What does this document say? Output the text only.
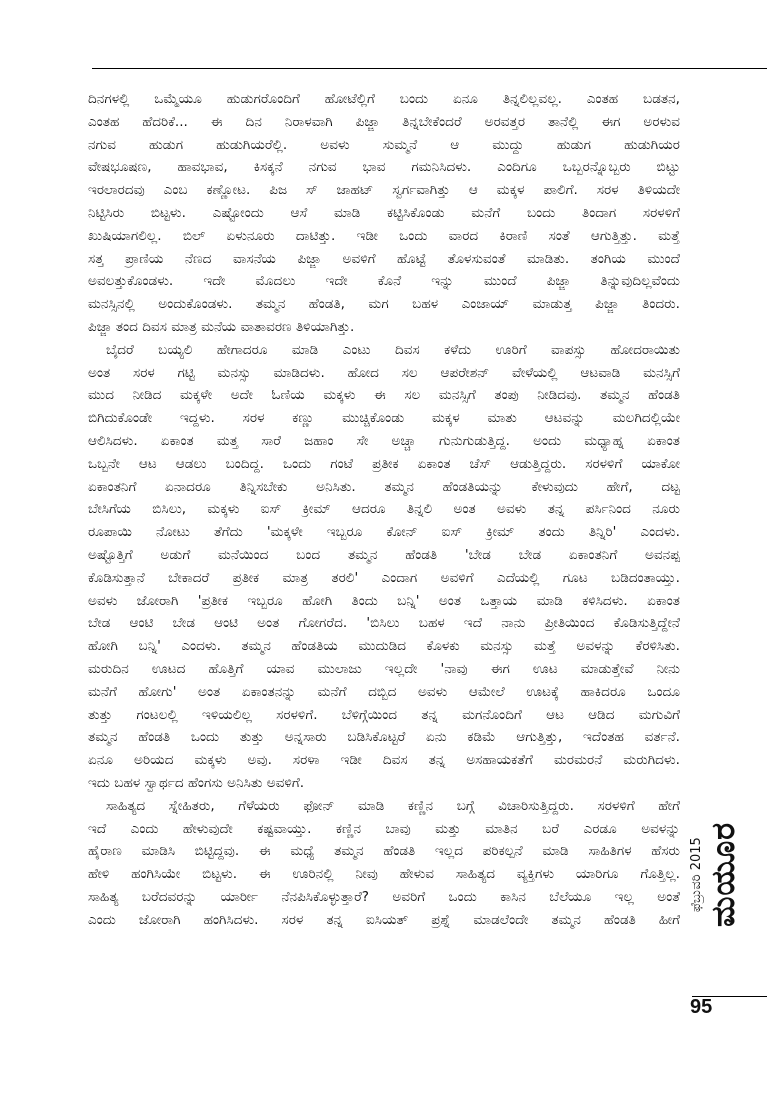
ದಿನಗಳಲ್ಲಿ ಒಮ್ಮೆಯೂ ಹುಡುಗರೊಂದಿಗೆ ಹೋಟೆಲ್ಲಿಗೆ ಬಂದು ಏನೂ ತಿನ್ನಲಿಲ್ಲವಲ್ಲ. ಎಂತಹ ಬಡತನ,
ಎಂತಹ ಹೆದರಿಕೆ... ಈ ದಿನ ನಿರಾಳವಾಗಿ ಪಿಜ್ಜಾ ತಿನ್ನಬೇಕೆಂದರೆ ಅರವತ್ತರ ತಾನೆಲ್ಲಿ ಈಗ ಅರಳುವ
ನಗುವ ಹುಡುಗ ಹುಡುಗಿಯರೆಲ್ಲಿ. ಅವಳು ಸುಮ್ಮನೆ ಆ ಮುದ್ದು ಹುಡುಗ ಹುಡುಗಿಯರ
ವೇಷಭೂಷಣ, ಹಾವಭಾವ, ಕಿಸಕ್ಕನೆ ನಗುವ ಭಾವ ಗಮನಿಸಿದಳು. ಎಂದಿಗೂ ಒಬ್ಬರನ್ನೊಬ್ಬರು ಬಿಟ್ಟು
ಇರಲಾರದವು ಎಂಬ ಕಣ್ಣೋಟ. ಪಿಜ ಸ್ ಜಾಹಟ್ ಸ್ವರ್ಗವಾಗಿತ್ತು ಆ ಮಕ್ಕಳ ಪಾಲಿಗೆ. ಸರಳ ತಿಳಿಯದೇ
ನಿಟ್ಟಿಸಿರು ಬಿಟ್ಟಳು. ಎಷ್ಟೋಂದು ಆಸೆ ಮಾಡಿ ಕಟ್ಟಿಸಿಕೊಂಡು ಮನೆಗೆ ಬಂದು ತಿಂದಾಗ ಸರಳಳಿಗೆ
ಖುಷಿಯಾಗಲಿಲ್ಲ. ಬಿಲ್ ಏಳುನೂರು ದಾಟಿತ್ತು. ಇಡೀ ಒಂದು ವಾರದ ಕಿರಾಣಿ ಸಂತೆ ಆಗುತ್ತಿತ್ತು. ಮತ್ತೆ
ಸತ್ತ ಪ್ರಾಣಿಯ ನೆಣದ ವಾಸನೆಯ ಪಿಜ್ಜಾ ಅವಳಿಗೆ ಹೊಟ್ಟೆ ತೊಳಸುವಂತೆ ಮಾಡಿತು. ತಂಗಿಯ ಮುಂದೆ
ಅವಲತ್ತುಕೊಂಡಳು. ಇದೇ ಮೊದಲು ಇದೇ ಕೊನೆ ಇನ್ನು ಮುಂದೆ ಪಿಜ್ಜಾ ತಿನ್ನುವುದಿಲ್ಲವೆಂದು
ಮನಸ್ಸಿನಲ್ಲಿ ಅಂದುಕೊಂಡಳು. ತಮ್ಮನ ಹೆಂಡತಿ, ಮಗ ಬಹಳ ಎಂಜಾಯ್ ಮಾಡುತ್ತ ಪಿಜ್ಜಾ ತಿಂದರು.
ಪಿಜ್ಜಾ ತಂದ ದಿವಸ ಮಾತ್ರ ಮನೆಯ ವಾತಾವರಣ ತಿಳಿಯಾಗಿತ್ತು.

ಬೈದರೆ ಬಯ್ಯಲಿ ಹೇಗಾದರೂ ಮಾಡಿ ಎಂಟು ದಿವಸ ಕಳೆದು ಊರಿಗೆ ವಾಪಸ್ಸು ಹೋದರಾಯಿತು
ಅಂತ ಸರಳ ಗಟ್ಟಿ ಮನಸ್ಸು ಮಾಡಿದಳು. ಹೋದ ಸಲ ಆಪರೇಶನ್ ವೇಳೆಯಲ್ಲಿ ಆಟವಾಡಿ ಮನಸ್ಸಿಗೆ
ಮುದ ನೀಡಿದ ಮಕ್ಕಳೇ ಅದೇ ಓಣಿಯ ಮಕ್ಕಳು ಈ ಸಲ ಮನಸ್ಸಿಗೆ ತಂಪು ನೀಡಿದವು. ತಮ್ಮನ ಹೆಂಡತಿ
ಬಿಗಿದುಕೊಂಡೇ ಇದ್ದಳು. ಸರಳ ಕಣ್ಣು ಮುಚ್ಚಿಕೊಂಡು ಮಕ್ಕಳ ಮಾತು ಆಟವನ್ನು ಮಲಗಿದಲ್ಲಿಯೇ
ಆಲಿಸಿದಳು. ಏಕಾಂತ ಮತ್ತ ಸಾರೆ ಜಹಾಂ ಸೇ ಅಚ್ಚಾ ಗುನುಗುಡುತ್ತಿದ್ದ. ಅಂದು ಮಧ್ಯಾಹ್ನ ಏಕಾಂತ
ಒಬ್ಬನೇ ಆಟ ಆಡಲು ಬಂದಿದ್ದ. ಒಂದು ಗಂಟೆ ಪ್ರತೀಕ ಏಕಾಂತ ಚೆಸ್ ಆಡುತ್ತಿದ್ದರು. ಸರಳಳಿಗೆ ಯಾಕೋ
ಏಕಾಂತನಿಗೆ ಏನಾದರೂ ತಿನ್ನಿಸಬೇಕು ಅನಿಸಿತು. ತಮ್ಮನ ಹೆಂಡತಿಯನ್ನು ಕೇಳುವುದು ಹೇಗೆ, ದಟ್ಟ
ಬೇಸಿಗೆಯ ಬಿಸಿಲು, ಮಕ್ಕಳು ಐಸ್ ಕ್ರೀಮ್ ಆದರೂ ತಿನ್ನಲಿ ಅಂತ ಅವಳು ತನ್ನ ಪರ್ಸಿನಿಂದ ನೂರು
ರೂಪಾಯಿ ನೋಟು ತೆಗೆದು 'ಮಕ್ಕಳೇ ಇಬ್ಬರೂ ಕೋನ್ ಐಸ್ ಕ್ರೀಮ್ ತಂದು ತಿನ್ನಿರಿ' ಎಂದಳು.
ಅಷ್ಟೊತ್ತಿಗೆ ಅಡುಗೆ ಮನೆಯಿಂದ ಬಂದ ತಮ್ಮನ ಹೆಂಡತಿ 'ಬೇಡ ಬೇಡ ಏಕಾಂತನಿಗೆ ಅವನಪ್ಪ
ಕೊಡಿಸುತ್ತಾನೆ ಬೇಕಾದರೆ ಪ್ರತೀಕ ಮಾತ್ರ ತರಲಿ' ಎಂದಾಗ ಅವಳಿಗೆ ಎದೆಯಲ್ಲಿ ಗೂಟ ಬಡಿದಂತಾಯ್ತು.
ಅವಳು ಜೋರಾಗಿ 'ಪ್ರತೀಕ ಇಬ್ಬರೂ ಹೋಗಿ ತಿಂದು ಬನ್ನಿ' ಅಂತ ಒತ್ತಾಯ ಮಾಡಿ ಕಳಿಸಿದಳು. ಏಕಾಂತ
ಬೇಡ ಆಂಟಿ ಬೇಡ ಆಂಟಿ ಅಂತ ಗೋಗರೆದ. 'ಬಿಸಿಲು ಬಹಳ ಇದೆ ನಾನು ಪ್ರೀತಿಯಿಂದ ಕೊಡಿಸುತ್ತಿದ್ದೇನೆ
ಹೋಗಿ ಬನ್ನಿ' ಎಂದಳು. ತಮ್ಮನ ಹೆಂಡತಿಯ ಮುದುಡಿದ ಕೊಳಕು ಮನಸ್ಸು ಮತ್ತೆ ಅವಳನ್ನು ಕೆರಳಿಸಿತು.
ಮರುದಿನ ಊಟದ ಹೊತ್ತಿಗೆ ಯಾವ ಮುಲಾಜು ಇಲ್ಲದೇ 'ನಾವು ಈಗ ಊಟ ಮಾಡುತ್ತೇವೆ ನೀನು
ಮನೆಗೆ ಹೋಗು' ಅಂತ ಏಕಾಂತನನ್ನು ಮನೆಗೆ ದಬ್ಬಿದ ಅವಳು ಆಮೇಲೆ ಊಟಕ್ಕೆ ಹಾಕಿದರೂ ಒಂದೂ
ತುತ್ತು ಗಂಟಲಲ್ಲಿ ಇಳಿಯಲಿಲ್ಲ ಸರಳಳಿಗೆ. ಬೆಳಿಗ್ಗೆಯಿಂದ ತನ್ನ ಮಗನೊಂದಿಗೆ ಆಟ ಆಡಿದ ಮಗುವಿಗೆ
ತಮ್ಮನ ಹೆಂಡತಿ ಒಂದು ತುತ್ತು ಅನ್ನಸಾರು ಬಡಿಸಿಕೊಟ್ಟರೆ ಏನು ಕಡಿಮೆ ಆಗುತ್ತಿತ್ತು, ಇದೆಂತಹ ವರ್ತನೆ.
ಏನೂ ಅರಿಯದ ಮಕ್ಕಳು ಅವು. ಸರಳಾ ಇಡೀ ದಿವಸ ತನ್ನ ಅಸಹಾಯಕತೆಗೆ ಮರಮರನೆ ಮರುಗಿದಳು.
ಇದು ಬಹಳ ಸ್ವಾರ್ಥದ ಹೆಂಗಸು ಅನಿಸಿತು ಅವಳಿಗೆ.

ಸಾಹಿತ್ಯದ ಸ್ನೇಹಿತರು, ಗೆಳೆಯರು ಫೋನ್ ಮಾಡಿ ಕಣ್ಣಿನ ಬಗ್ಗೆ ವಿಚಾರಿಸುತ್ತಿದ್ದರು. ಸರಳಳಿಗೆ ಹೇಗೆ
ಇದೆ ಎಂದು ಹೇಳುವುದೇ ಕಷ್ಟವಾಯ್ತು. ಕಣ್ಣಿನ ಬಾವು ಮತ್ತು ಮಾತಿನ ಬರೆ ಎರಡೂ ಅವಳನ್ನು
ಹೈರಾಣ ಮಾಡಿಸಿ ಬಿಟ್ಟಿದ್ದವು. ಈ ಮಧ್ಯೆ ತಮ್ಮನ ಹೆಂಡತಿ ಇಲ್ಲದ ಪರಿಕಲ್ಪನೆ ಮಾಡಿ ಸಾಹಿತಿಗಳ ಹೆಸರು
ಹೇಳಿ ಹಂಗಿಸಿಯೇ ಬಿಟ್ಟಳು. ಈ ಊರಿನಲ್ಲಿ ನೀವು ಹೇಳುವ ಸಾಹಿತ್ಯದ ವ್ಯಕ್ತಿಗಳು ಯಾರಿಗೂ ಗೊತ್ತಿಲ್ಲ.
ಸಾಹಿತ್ಯ ಬರೆದವರನ್ನು ಯಾರ್ರೀ ನೆನಪಿಸಿಕೊಳ್ಳುತ್ತಾರೆ? ಅವರಿಗೆ ಒಂದು ಕಾಸಿನ ಬೆಲೆಯೂ ಇಲ್ಲ ಅಂತೆ
ಎಂದು ಜೋರಾಗಿ ಹಂಗಿಸಿದಳು. ಸರಳ ತನ್ನ ಐಸಿಯತ್ ಪ್ರಶ್ನೆ ಮಾಡಲೆಂದೇ ತಮ್ಮನ ಹೆಂಡತಿ ಹೀಗೆ ಮಯೂರ
ಫೆಬ್ರುವರಿ 2015
95
